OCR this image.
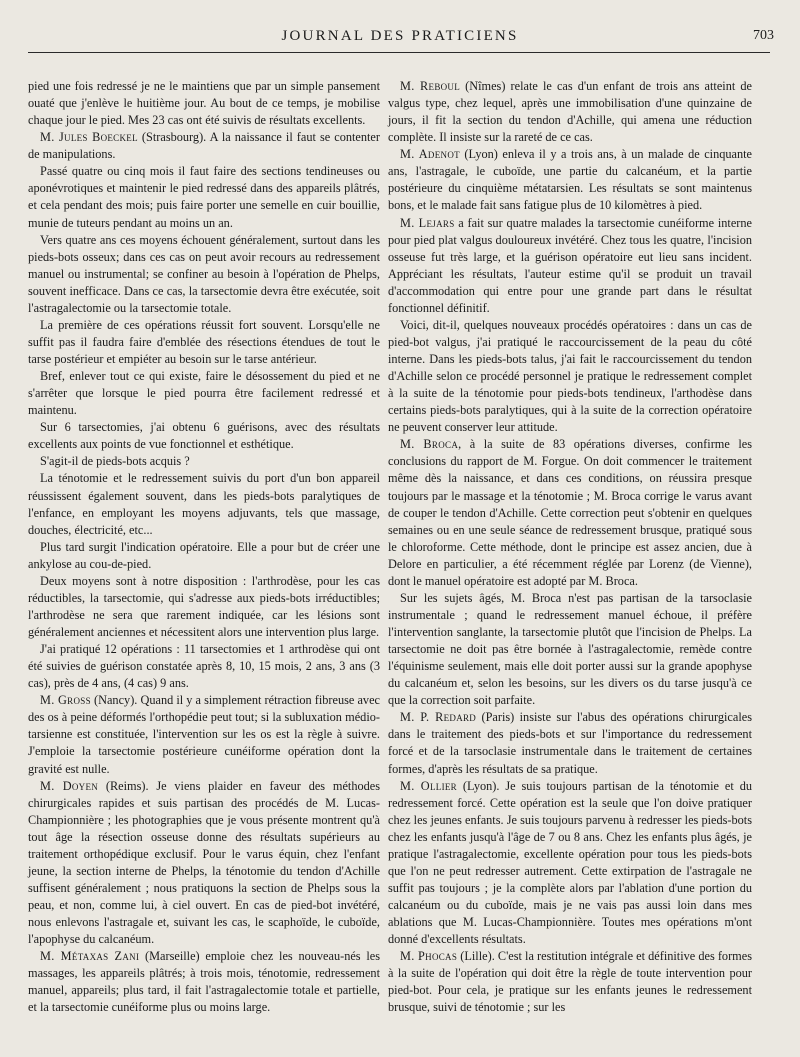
JOURNAL DES PRATICIENS	703

pied une fois redressé je ne le maintiens que par un simple pansement ouaté que j'enlève le huitième jour. Au bout de ce temps, je mobilise chaque jour le pied. Mes 23 cas ont été suivis de résultats excellents.

M. Jules Boeckel (Strasbourg). A la naissance il faut se contenter de manipulations.

Passé quatre ou cinq mois il faut faire des sections tendineuses ou aponévrotiques et maintenir le pied redressé dans des appareils plâtrés, et cela pendant des mois; puis faire porter une semelle en cuir bouillie, munie de tuteurs pendant au moins un an.

Vers quatre ans ces moyens échouent généralement, surtout dans les pieds-bots osseux; dans ces cas on peut avoir recours au redressement manuel ou instrumental; se confiner au besoin à l'opération de Phelps, souvent inefficace. Dans ce cas, la tarsectomie devra être exécutée, soit l'astragalectomie ou la tarsectomie totale.

La première de ces opérations réussit fort souvent. Lorsqu'elle ne suffit pas il faudra faire d'emblée des résections étendues de tout le tarse postérieur et empiéter au besoin sur le tarse antérieur.

Bref, enlever tout ce qui existe, faire le désossement du pied et ne s'arrêter que lorsque le pied pourra être facilement redressé et maintenu.

Sur 6 tarsectomies, j'ai obtenu 6 guérisons, avec des résultats excellents aux points de vue fonctionnel et esthétique.

S'agit-il de pieds-bots acquis ?

La ténotomie et le redressement suivis du port d'un bon appareil réussissent également souvent, dans les pieds-bots paralytiques de l'enfance, en employant les moyens adjuvants, tels que massage, douches, électricité, etc...

Plus tard surgit l'indication opératoire. Elle a pour but de créer une ankylose au cou-de-pied.

Deux moyens sont à notre disposition : l'arthrodèse, pour les cas réductibles, la tarsectomie, qui s'adresse aux pieds-bots irréductibles; l'arthrodèse ne sera que rarement indiquée, car les lésions sont généralement anciennes et nécessitent alors une intervention plus large.

J'ai pratiqué 12 opérations : 11 tarsectomies et 1 arthrodèse qui ont été suivies de guérison constatée après 8, 10, 15 mois, 2 ans, 3 ans (3 cas), près de 4 ans, (4 cas) 9 ans.

M. Gross (Nancy). Quand il y a simplement rétraction fibreuse avec des os à peine déformés l'orthopédie peut tout; si la subluxation médio-tarsienne est constituée, l'intervention sur les os est la règle à suivre. J'emploie la tarsectomie postérieure cunéiforme opération dont la gravité est nulle.

M. Doyen (Reims). Je viens plaider en faveur des méthodes chirurgicales rapides et suis partisan des procédés de M. Lucas-Championnière ; les photographies que je vous présente montrent qu'à tout âge la résection osseuse donne des résultats supérieurs au traitement orthopédique exclusif. Pour le varus équin, chez l'enfant jeune, la section interne de Phelps, la ténotomie du tendon d'Achille suffisent généralement ; nous pratiquons la section de Phelps sous la peau, et non, comme lui, à ciel ouvert. En cas de pied-bot invétéré, nous enlevons l'astragale et, suivant les cas, le scaphoïde, le cuboïde, l'apophyse du calcanéum.

M. Métaxas Zani (Marseille) emploie chez les nouveau-nés les massages, les appareils plâtrés; à trois mois, ténotomie, redressement manuel, appareils; plus tard, il fait l'astragalectomie totale et partielle, et la tarsectomie cunéiforme plus ou moins large.

M. Reboul (Nîmes) relate le cas d'un enfant de trois ans atteint de valgus type, chez lequel, après une immobilisation d'une quinzaine de jours, il fit la section du tendon d'Achille, qui amena une réduction complète. Il insiste sur la rareté de ce cas.

M. Adenot (Lyon) enleva il y a trois ans, à un malade de cinquante ans, l'astragale, le cuboïde, une partie du calcanéum, et la partie postérieure du cinquième métatarsien. Les résultats se sont maintenus bons, et le malade fait sans fatigue plus de 10 kilomètres à pied.

M. Lejars a fait sur quatre malades la tarsectomie cunéiforme interne pour pied plat valgus douloureux invétéré. Chez tous les quatre, l'incision osseuse fut très large, et la guérison opératoire eut lieu sans incident. Appréciant les résultats, l'auteur estime qu'il se produit un travail d'accommodation qui entre pour une grande part dans le résultat fonctionnel définitif.

Voici, dit-il, quelques nouveaux procédés opératoires : dans un cas de pied-bot valgus, j'ai pratiqué le raccourcissement de la peau du côté interne. Dans les pieds-bots talus, j'ai fait le raccourcissement du tendon d'Achille selon ce procédé personnel je pratique le redressement complet à la suite de la ténotomie pour pieds-bots tendineux, l'arthodèse dans certains pieds-bots paralytiques, qui à la suite de la correction opératoire ne peuvent conserver leur attitude.

M. Broca, à la suite de 83 opérations diverses, confirme les conclusions du rapport de M. Forgue. On doit commencer le traitement même dès la naissance, et dans ces conditions, on réussira presque toujours par le massage et la ténotomie ; M. Broca corrige le varus avant de couper le tendon d'Achille. Cette correction peut s'obtenir en quelques semaines ou en une seule séance de redressement brusque, pratiqué sous le chloroforme. Cette méthode, dont le principe est assez ancien, due à Delore en particulier, a été récemment réglée par Lorenz (de Vienne), dont le manuel opératoire est adopté par M. Broca.

Sur les sujets âgés, M. Broca n'est pas partisan de la tarsoclasie instrumentale ; quand le redressement manuel échoue, il préfère l'intervention sanglante, la tarsectomie plutôt que l'incision de Phelps. La tarsectomie ne doit pas être bornée à l'astragalectomie, remède contre l'équinisme seulement, mais elle doit porter aussi sur la grande apophyse du calcanéum et, selon les besoins, sur les divers os du tarse jusqu'à ce que la correction soit parfaite.

M. P. Redard (Paris) insiste sur l'abus des opérations chirurgicales dans le traitement des pieds-bots et sur l'importance du redressement forcé et de la tarsoclasie instrumentale dans le traitement de certaines formes, d'après les résultats de sa pratique.

M. Ollier (Lyon). Je suis toujours partisan de la ténotomie et du redressement forcé. Cette opération est la seule que l'on doive pratiquer chez les jeunes enfants. Je suis toujours parvenu à redresser les pieds-bots chez les enfants jusqu'à l'âge de 7 ou 8 ans. Chez les enfants plus âgés, je pratique l'astragalectomie, excellente opération pour tous les pieds-bots que l'on ne peut redresser autrement. Cette extirpation de l'astragale ne suffit pas toujours ; je la complète alors par l'ablation d'une portion du calcanéum ou du cuboïde, mais je ne vais pas aussi loin dans mes ablations que M. Lucas-Championnière. Toutes mes opérations m'ont donné d'excellents résultats.

M. Phocas (Lille). C'est la restitution intégrale et définitive des formes à la suite de l'opération qui doit être la règle de toute intervention pour pied-bot. Pour cela, je pratique sur les enfants jeunes le redressement brusque, suivi de ténotomie ; sur les
